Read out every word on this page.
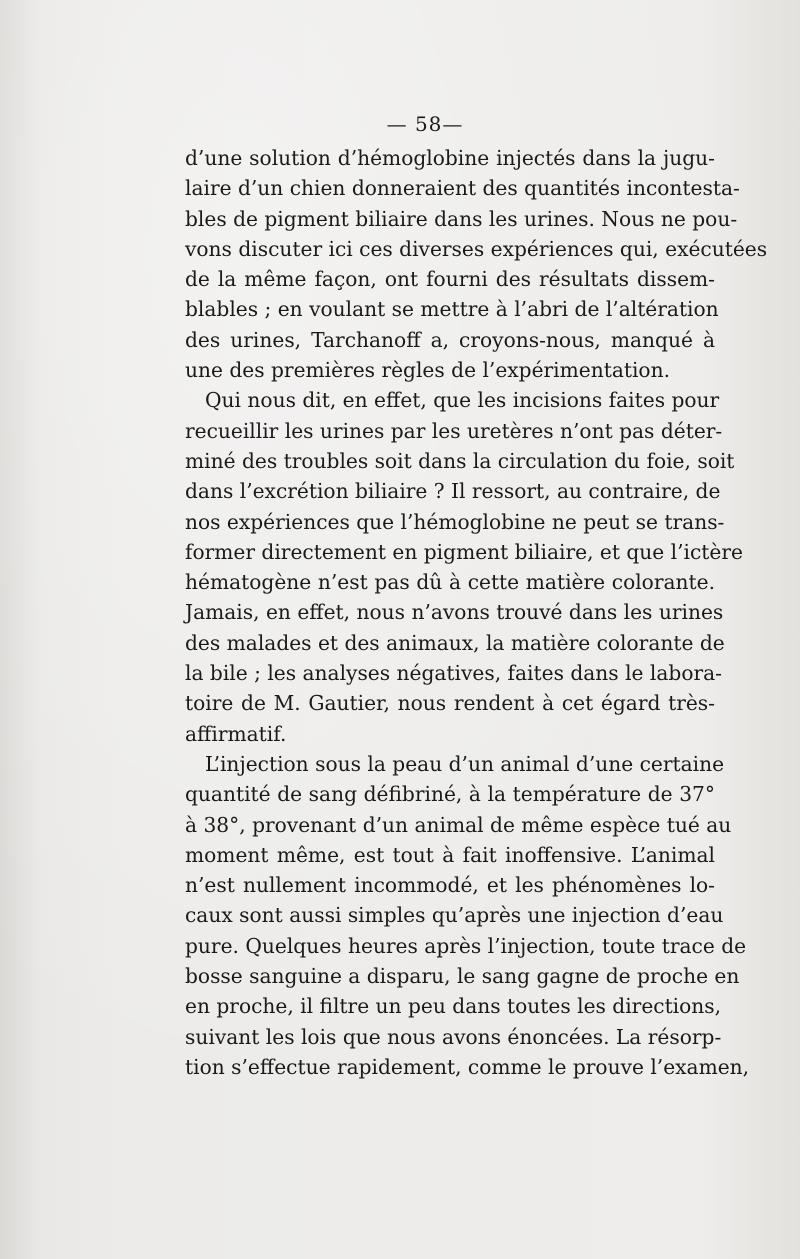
— 58—
d’une solution d’hémoglobine injectés dans la jugu-
laire d’un chien donneraient des quantités incontesta-
bles de pigment biliaire dans les urines. Nous ne pou-
vons discuter ici ces diverses expériences qui, exécutées
de la même façon, ont fourni des résultats dissem-
blables ; en voulant se mettre à l’abri de l’altération
des urines, Tarchanoff a, croyons-nous, manqué à
une des premières règles de l’expérimentation.
Qui nous dit, en effet, que les incisions faites pour
recueillir les urines par les uretères n’ont pas déter-
miné des troubles soit dans la circulation du foie, soit
dans l’excrétion biliaire ? Il ressort, au contraire, de
nos expériences que l’hémoglobine ne peut se trans-
former directement en pigment biliaire, et que l’ictère
hématogène n’est pas dû à cette matière colorante.
Jamais, en effet, nous n’avons trouvé dans les urines
des malades et des animaux, la matière colorante de
la bile ; les analyses négatives, faites dans le labora-
toire de M. Gautier, nous rendent à cet égard très-
affirmatif.
L’injection sous la peau d’un animal d’une certaine
quantité de sang défibriné, à la température de 37°
à 38°, provenant d’un animal de même espèce tué au
moment même, est tout à fait inoffensive. L’animal
n’est nullement incommodé, et les phénomènes lo-
caux sont aussi simples qu’après une injection d’eau
pure. Quelques heures après l’injection, toute trace de
bosse sanguine a disparu, le sang gagne de proche en
en proche, il filtre un peu dans toutes les directions,
suivant les lois que nous avons énoncées. La résorp-
tion s’effectue rapidement, comme le prouve l’examen,
